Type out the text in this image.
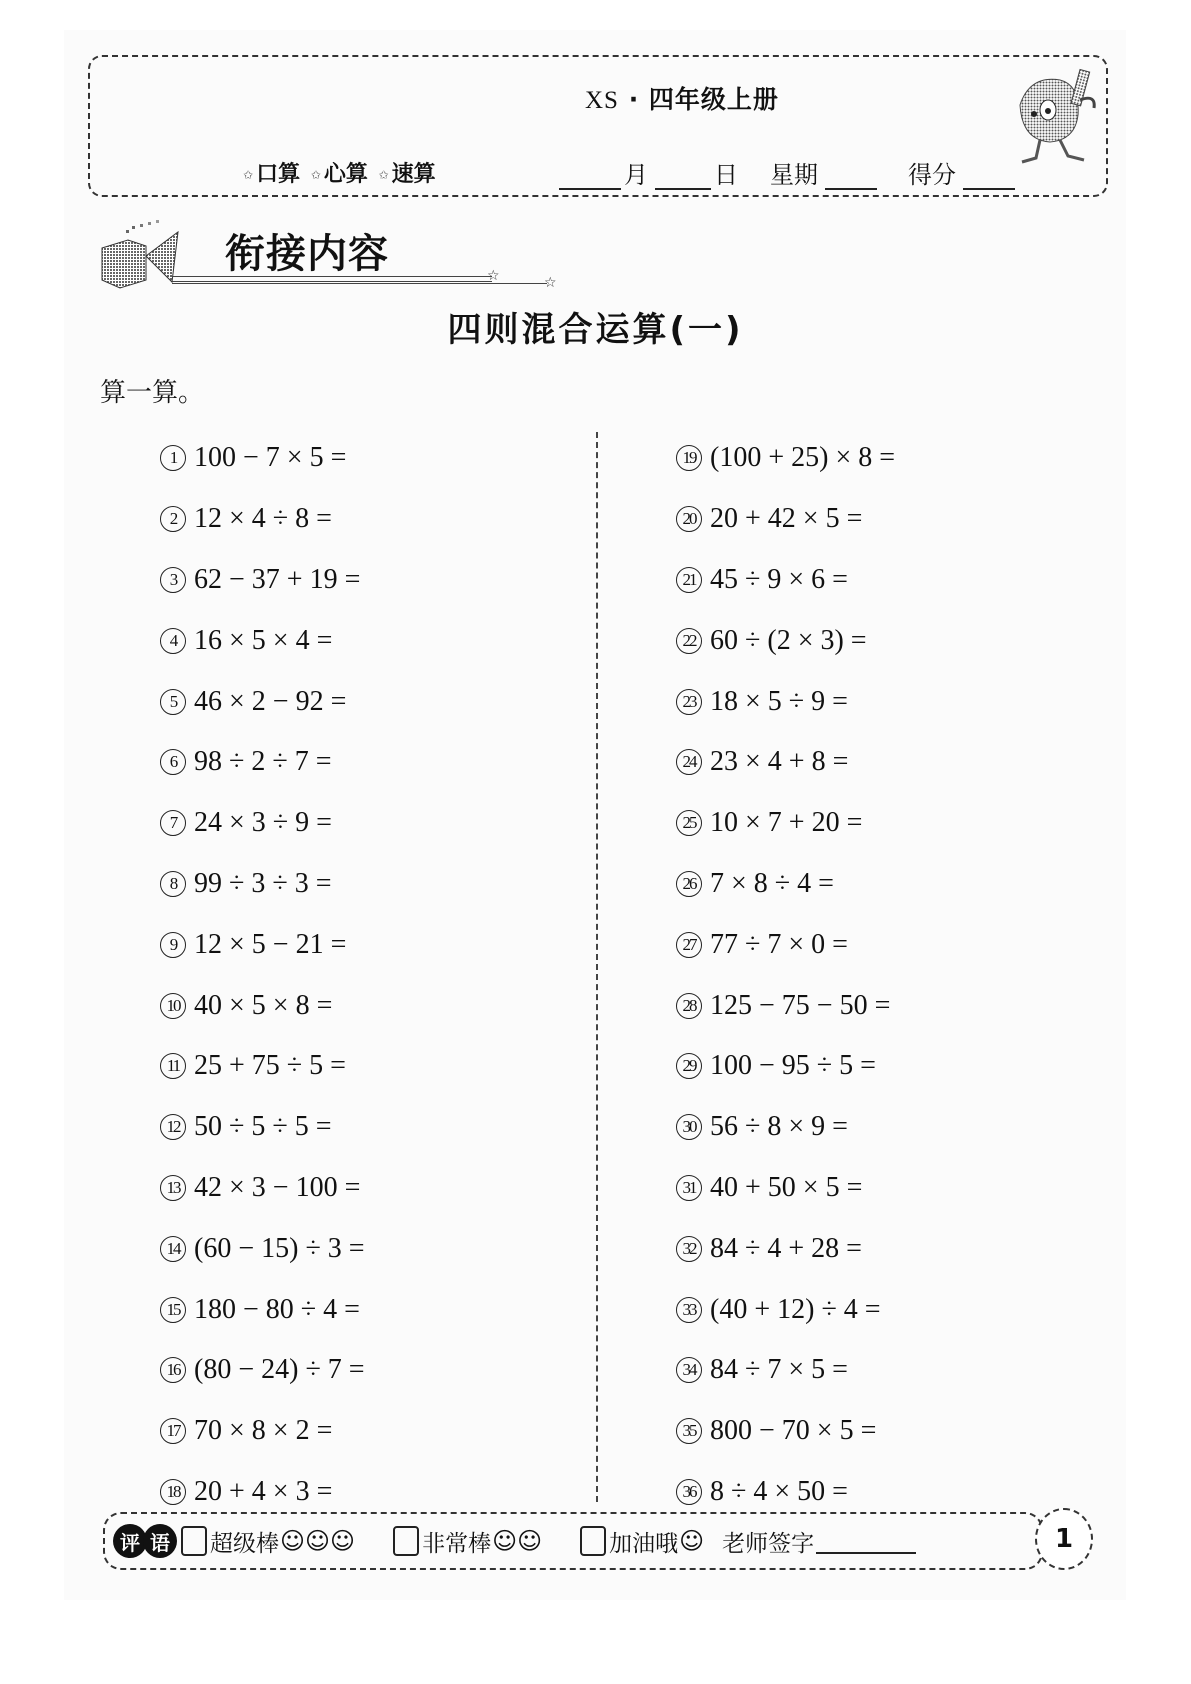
XS · 四年级上册
✩ 口算 ✩ 心算 ✩ 速算	月	日 星期	得分
衔接内容	☆	☆
四则混合运算(一)
算一算。
1 100 − 7 × 5 =
2 12 × 4 ÷ 8 =
3 62 − 37 + 19 =
4 16 × 5 × 4 =
5 46 × 2 − 92 =
6 98 ÷ 2 ÷ 7 =
7 24 × 3 ÷ 9 =
8 99 ÷ 3 ÷ 3 =
9 12 × 5 − 21 =
10 40 × 5 × 8 =
11 25 + 75 ÷ 5 =
12 50 ÷ 5 ÷ 5 =
13 42 × 3 − 100 =
14 (60 − 15) ÷ 3 =
15 180 − 80 ÷ 4 =
16 (80 − 24) ÷ 7 =
17 70 × 8 × 2 =
18 20 + 4 × 3 =
19 (100 + 25) × 8 =
20 20 + 42 × 5 =
21 45 ÷ 9 × 6 =
22 60 ÷ (2 × 3) =
23 18 × 5 ÷ 9 =
24 23 × 4 + 8 =
25 10 × 7 + 20 =
26 7 × 8 ÷ 4 =
27 77 ÷ 7 × 0 =
28 125 − 75 − 50 =
29 100 − 95 ÷ 5 =
30 56 ÷ 8 × 9 =
31 40 + 50 × 5 =
32 84 ÷ 4 + 28 =
33 (40 + 12) ÷ 4 =
34 84 ÷ 7 × 5 =
35 800 − 70 × 5 =
36 8 ÷ 4 × 50 =
评 语	超级棒 ☺☺☺	非常棒 ☺☺	加油哦 ☺ 老师签字	1
